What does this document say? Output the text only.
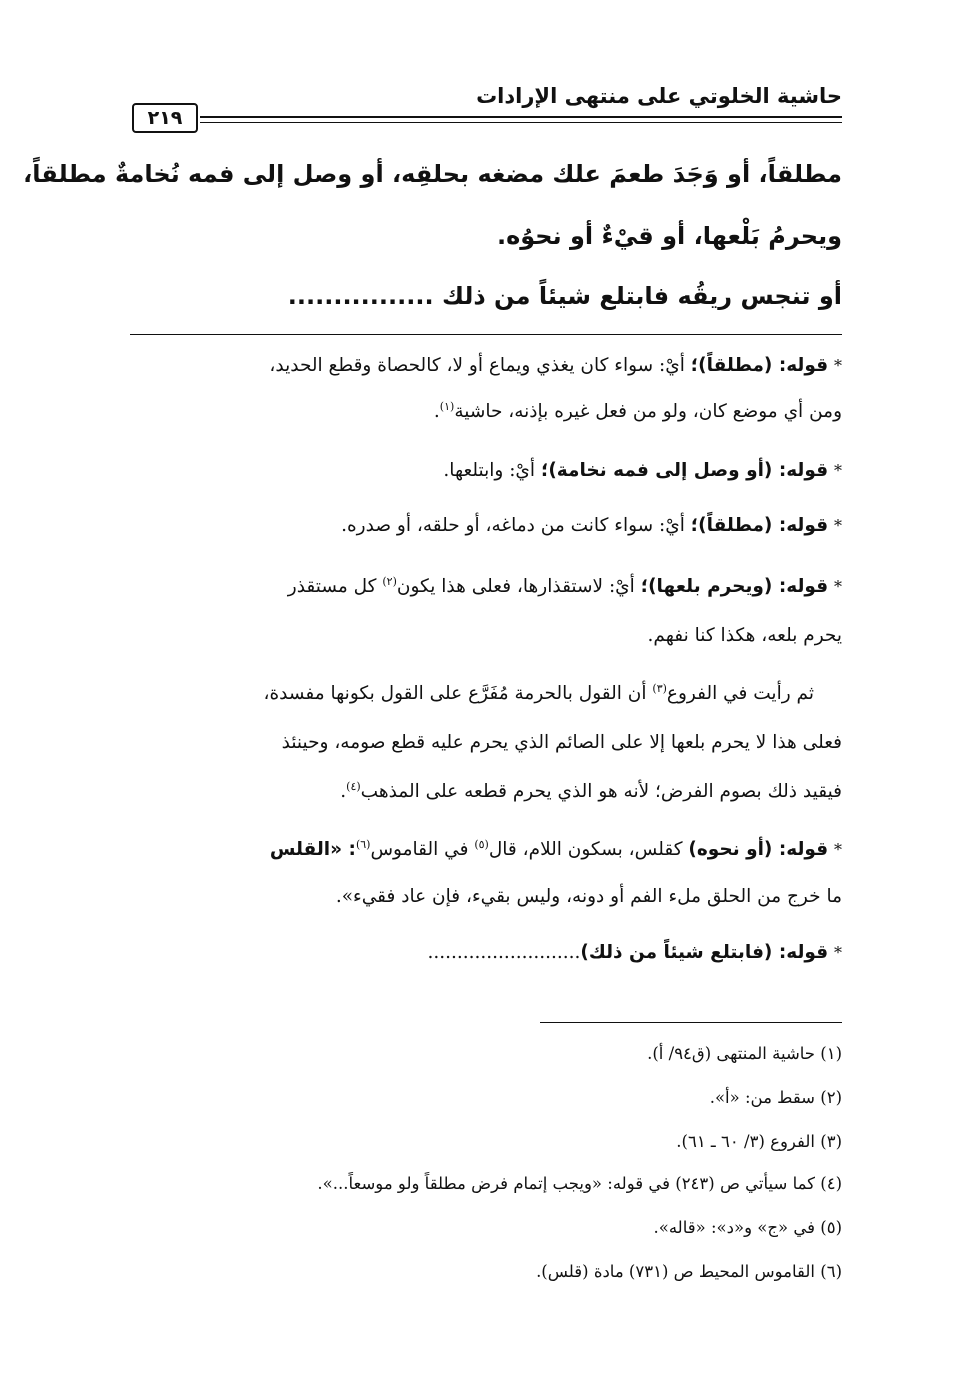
حاشية الخلوتي على منتهى الإرادات
٢١٩
مطلقاً، أو وَجَدَ طعمَ علك مضغه بحلقِه، أو وصل إلى فمه نُخامةٌ مطلقاً،
ويحرمُ بَلْعها، أو قيْءٌ أو نحوُه.
أو تنجس ريقُه فابتلع شيئاً من ذلك ................
* قوله: (مطلقاً)؛ أيْ: سواء كان يغذي ويماع أو لا، كالحصاة وقطع الحديد،
ومن أي موضع كان، ولو من فعل غيره بإذنه، حاشية$^{(١)}$.
* قوله: (أو وصل إلى فمه نخامة)؛ أيْ: وابتلعها.
* قوله: (مطلقاً)؛ أيْ: سواء كانت من دماغه، أو حلقه، أو صدره.
* قوله: (ويحرم بلعها)؛ أيْ: لاستقذارها، فعلى هذا يكون$^{(٢)}$ كل مستقذر
يحرم بلعه، هكذا كنا نفهم.
ثم رأيت في الفروع$^{(٣)}$ أن القول بالحرمة مُفَرَّع على القول بكونها مفسدة،
فعلى هذا لا يحرم بلعها إلا على الصائم الذي يحرم عليه قطع صومه، وحينئذ
فيقيد ذلك بصوم الفرض؛ لأنه هو الذي يحرم قطعه على المذهب$^{(٤)}$.
* قوله: (أو نحوه) كقلس، بسكون اللام، قال$^{(٥)}$ في القاموس$^{(٦)}$: «القلس
ما خرج من الحلق ملء الفم أو دونه، وليس بقيء، فإن عاد فقيء».
* قوله: (فابتلع شيئاً من ذلك)..........................
(١) حاشية المنتهى (ق٩٤/ أ).
(٢) سقط من: «أ».
(٣) الفروع (٣/ ٦٠ ـ ٦١).
(٤) كما سيأتي ص (٢٤٣) في قوله: «ويجب إتمام فرض مطلقاً ولو موسعاً...».
(٥) في «ج» و«د»: «قاله».
(٦) القاموس المحيط ص (٧٣١) مادة (قلس).
